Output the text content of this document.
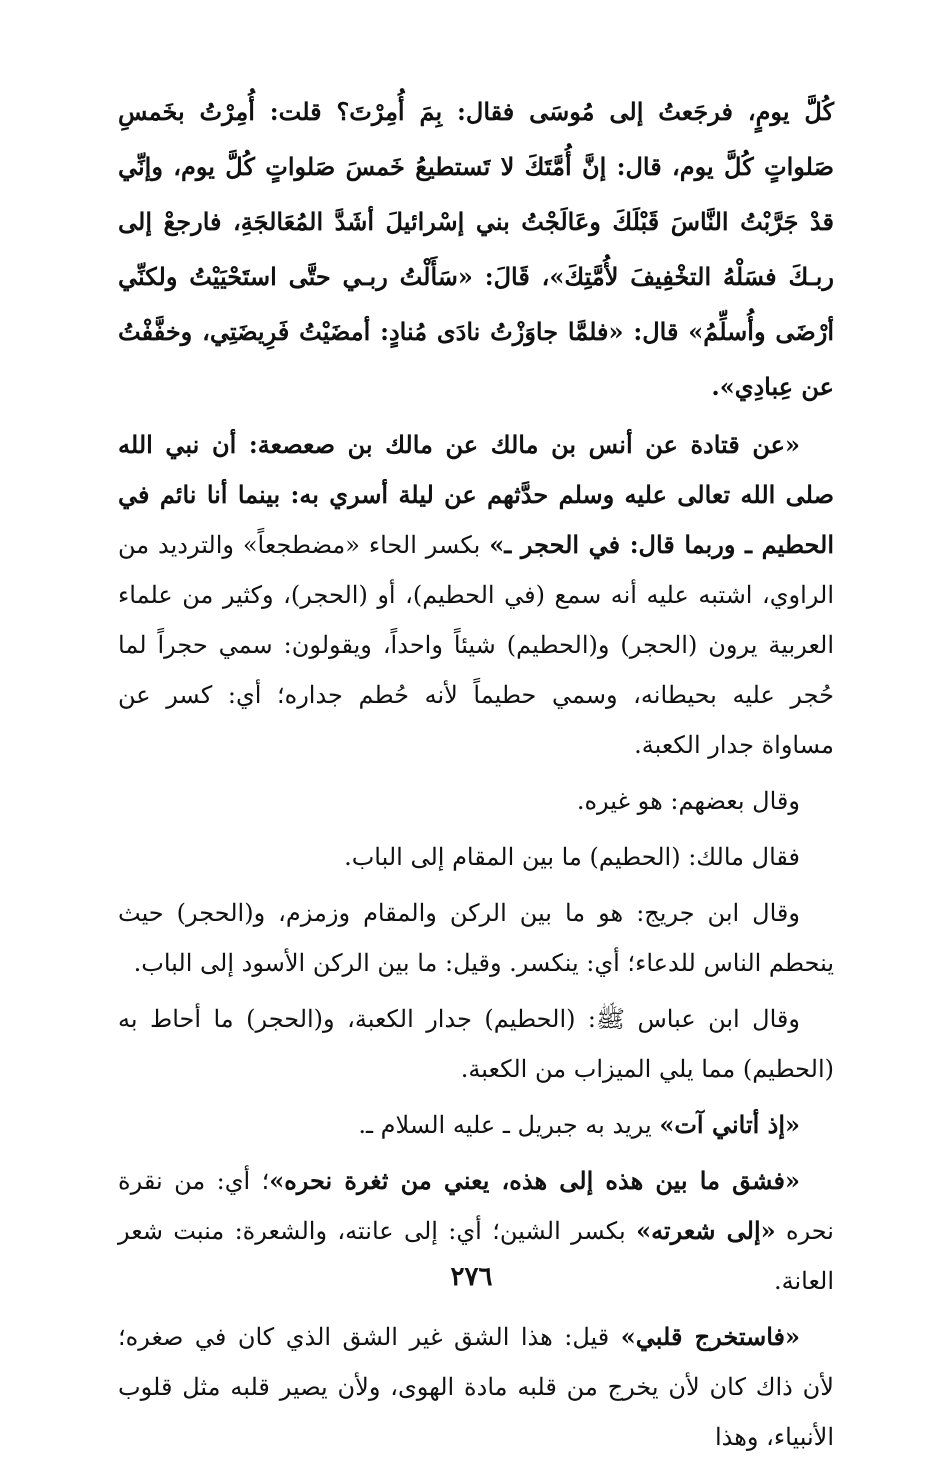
كُلَّ يومٍ، فرجَعتُ إلى مُوسَى فقال: بِمَ أُمِرْتَ؟ قلت: أُمِرْتُ بخَمسِ صَلواتٍ كُلَّ يوم، قال: إنَّ أُمَّتَكَ لا تَستطيعُ خَمسَ صَلواتٍ كُلَّ يوم، وإنِّي قدْ جَرَّبْتُ النَّاسَ قَبْلَكَ وعَالَجْتُ بني إسْرائيلَ أشَدَّ المُعَالجَةِ، فارجعْ إلى ربـكَ فسَلْهُ التخْفِيفَ لأُمَّتِكَ»، قَالَ: «سَأَلْتُ ربـي حتَّى استَحْيَيْتُ ولكنِّي أرْضَى وأُسلِّمُ» قال: «فلمَّا جاوَزْتُ نادَى مُنادٍ: أمضَيْتُ فَرِيضَتِي، وخفَّفْتُ عن عِبادِي».

«عن قتادة عن أنس بن مالك عن مالك بن صعصعة: أن نبي الله صلى الله تعالى عليه وسلم حدَّثهم عن ليلة أسري به: بينما أنا نائم في الحطيم ـ وربما قال: في الحجر ـ» بكسر الحاء «مضطجعاً» والترديد من الراوي، اشتبه عليه أنه سمع (في الحطيم)، أو (الحجر)، وكثير من علماء العربية يرون (الحجر) و(الحطيم) شيئاً واحداً، ويقولون: سمي حجراً لما حُجر عليه بحيطانه، وسمي حطيماً لأنه حُطم جداره؛ أي: كسر عن مساواة جدار الكعبة.

وقال بعضهم: هو غيره.

فقال مالك: (الحطيم) ما بين المقام إلى الباب.

وقال ابن جريج: هو ما بين الركن والمقام وزمزم، و(الحجر) حيث ينحطم الناس للدعاء؛ أي: ينكسر. وقيل: ما بين الركن الأسود إلى الباب.

وقال ابن عباس ﷺ: (الحطيم) جدار الكعبة، و(الحجر) ما أحاط به (الحطيم) مما يلي الميزاب من الكعبة.

«إذ أتاني آت» يريد به جبريل ـ عليه السلام ـ.

«فشق ما بين هذه إلى هذه، يعني من ثغرة نحره»؛ أي: من نقرة نحره «إلى شعرته» بكسر الشين؛ أي: إلى عانته، والشعرة: منبت شعر العانة.

«فاستخرج قلبي» قيل: هذا الشق غير الشق الذي كان في صغره؛ لأن ذاك كان لأن يخرج من قلبه مادة الهوى، ولأن يصير قلبه مثل قلوب الأنبياء، وهذا

٢٧٦
